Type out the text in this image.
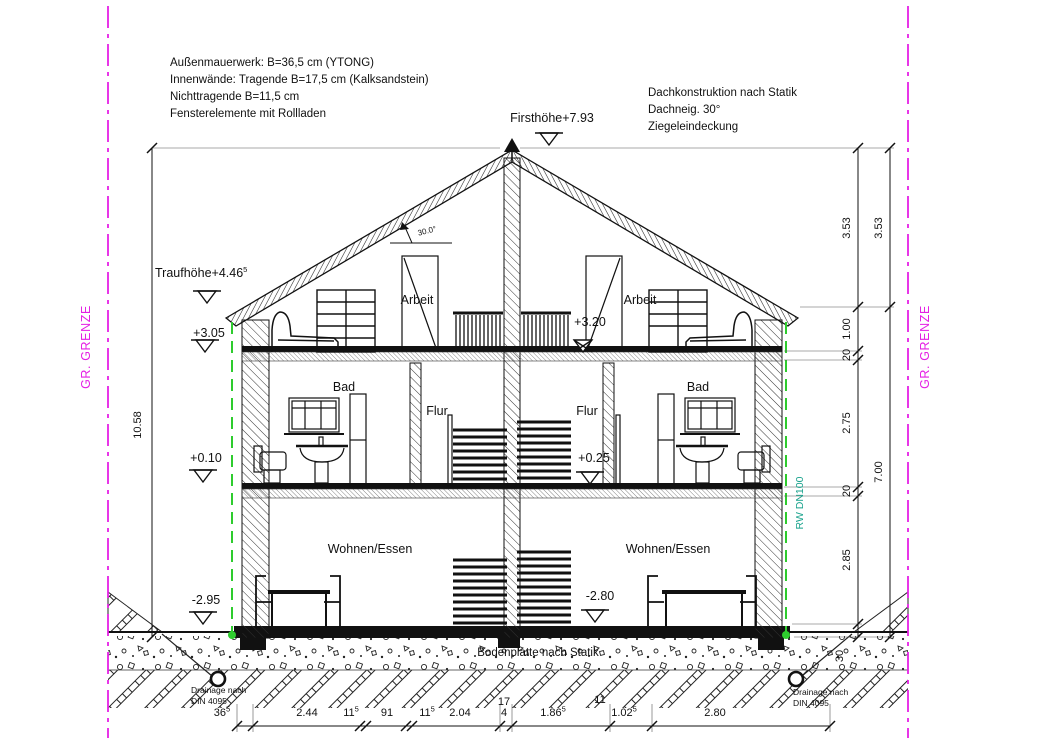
Außenmauerwerk: B=36,5 cm (YTONG)
Innenwände: Tragende B=17,5 cm (Kalksandstein)
Nichttragende B=11,5 cm
Fensterelemente mit Rollladen
Dachkonstruktion nach Statik
Dachneig. 30°
Ziegeleindeckung
30.0°
Firsthöhe+7.93
$Traufhöhe+4.46^5$
+3.05
+3.20
+0.10	+0.25
-2.95	-2.80
Arbeit	Arbeit
Bad	Bad
Flur	Flur
Wohnen/Essen	Wohnen/Essen
Bodenplatte nach Statik
Drainage nach
DIN 4095
Drainage nach
DIN 4095
GR. GRENZE	GR. GRENZE
RW DN100
10.58
3.53
1.00
20
2.75
20
2.85
30
3.53
7.00
$36^5$	2.44 $11^5$ 91 $11^5$ 2.04	4	1.86$^5$	1.02$^5$	2.80
17	11
